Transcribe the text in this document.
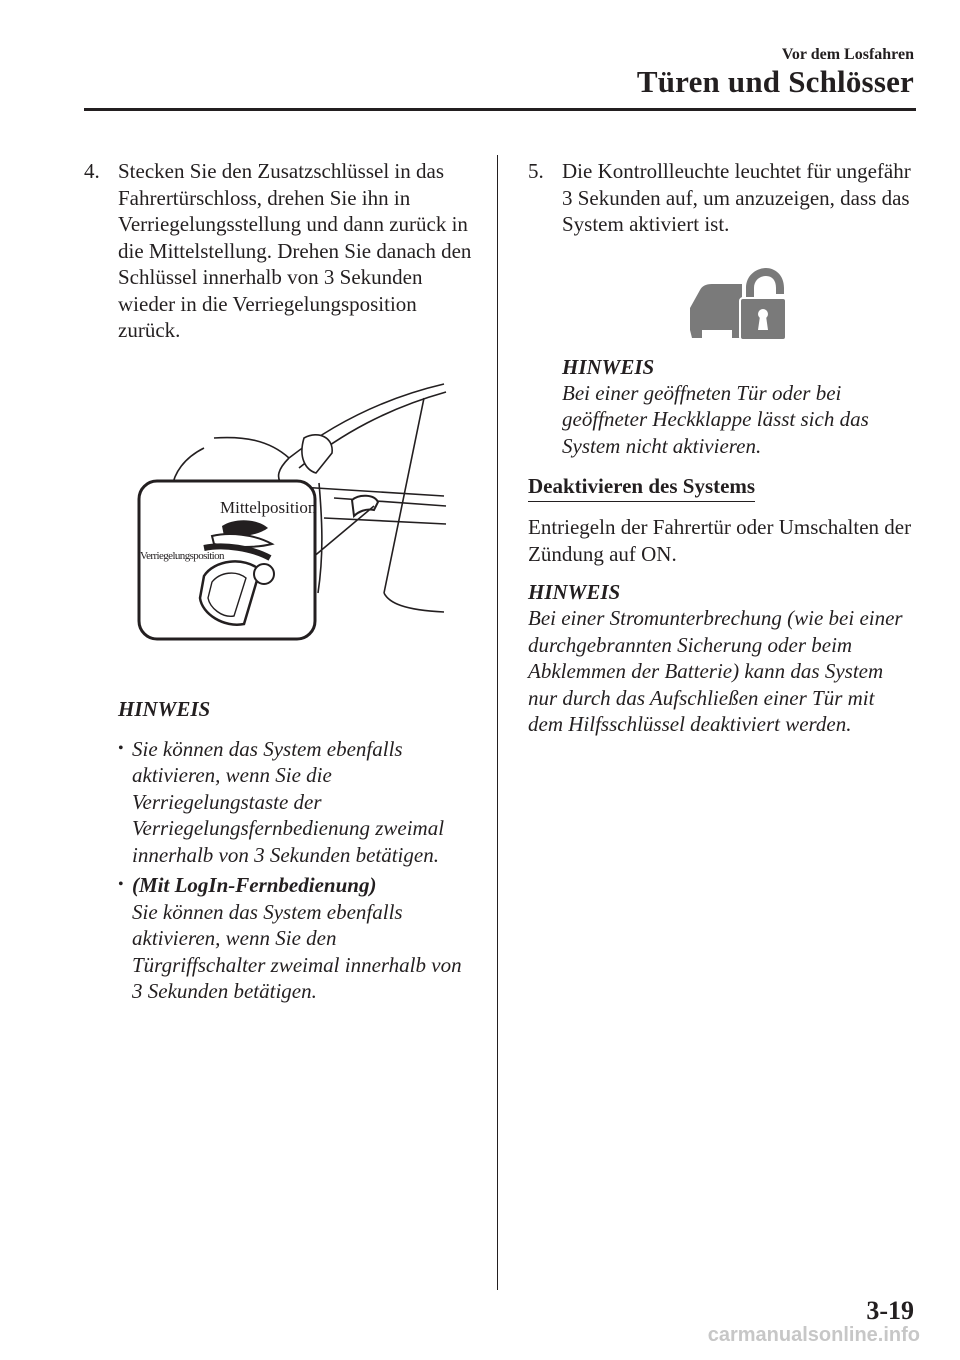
Vor dem Losfahren
Türen und Schlösser
4. Stecken Sie den Zusatzschlüssel in das Fahrertürschloss, drehen Sie ihn in Verriegelungsstellung und dann zurück in die Mittelstellung. Drehen Sie danach den Schlüssel innerhalb von 3 Sekunden wieder in die Verriegelungsposition zurück.
Mittelposition
Verriegelungsposition
HINWEIS
• Sie können das System ebenfalls aktivieren, wenn Sie die Verriegelungstaste der Verriegelungsfernbedienung zweimal innerhalb von 3 Sekunden betätigen.
• (Mit LogIn-Fernbedienung)
Sie können das System ebenfalls aktivieren, wenn Sie den Türgriffschalter zweimal innerhalb von 3 Sekunden betätigen.
5. Die Kontrollleuchte leuchtet für ungefähr 3 Sekunden auf, um anzuzeigen, dass das System aktiviert ist.
HINWEIS
Bei einer geöffneten Tür oder bei geöffneter Heckklappe lässt sich das System nicht aktivieren.
Deaktivieren des Systems
Entriegeln der Fahrertür oder Umschalten der Zündung auf ON.
HINWEIS
Bei einer Stromunterbrechung (wie bei einer durchgebrannten Sicherung oder beim Abklemmen der Batterie) kann das System nur durch das Aufschließen einer Tür mit dem Hilfsschlüssel deaktiviert werden.
3-19
carmanualsonline.info
